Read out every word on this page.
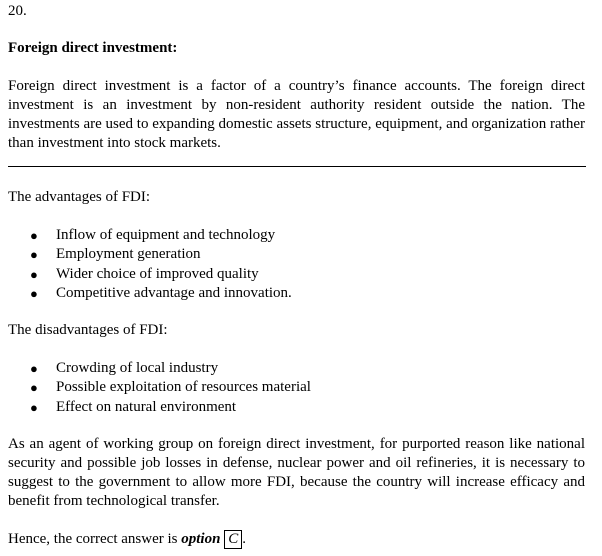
20.
Foreign direct investment:
Foreign direct investment is a factor of a country’s finance accounts. The foreign direct investment is an investment by non-resident authority resident outside the nation. The investments are used to expanding domestic assets structure, equipment, and organization rather than investment into stock markets.
The advantages of FDI:
● Inflow of equipment and technology
● Employment generation
● Wider choice of improved quality
● Competitive advantage and innovation.
The disadvantages of FDI:
● Crowding of local industry
● Possible exploitation of resources material
● Effect on natural environment
As an agent of working group on foreign direct investment, for purported reason like national security and possible job losses in defense, nuclear power and oil refineries, it is necessary to suggest to the government to allow more FDI, because the country will increase efficacy and benefit from technological transfer.
Hence, the correct answer is option C .
